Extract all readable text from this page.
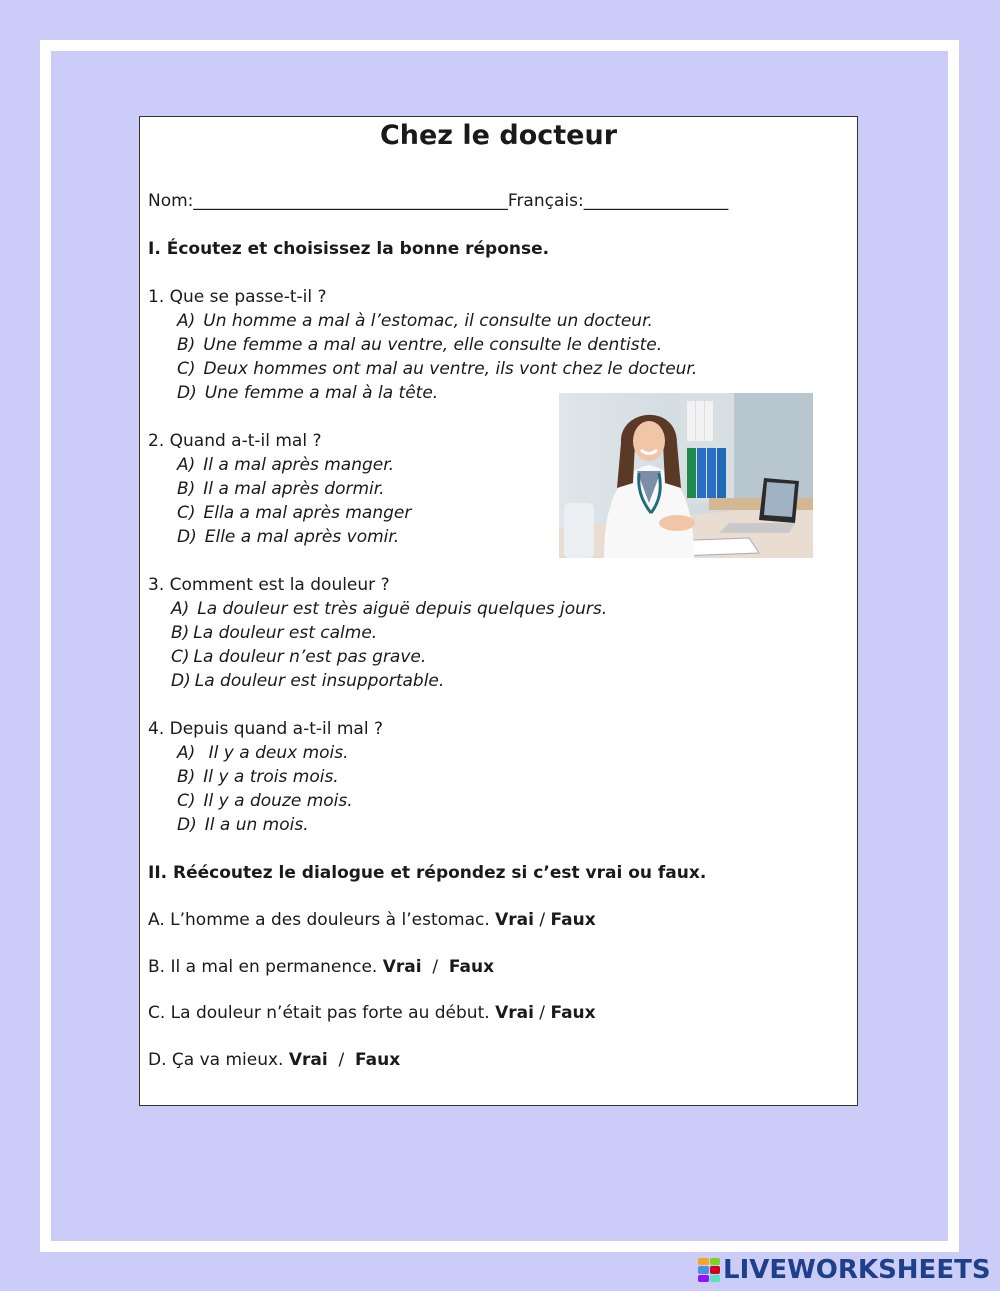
Chez le docteur
Nom:_____________________________________Français:_________________
I. Écoutez et choisissez la bonne réponse.
1. Que se passe-t-il ?
A) Un homme a mal à l’estomac, il consulte un docteur.
B) Une femme a mal au ventre, elle consulte le dentiste.
C) Deux hommes ont mal au ventre, ils vont chez le docteur.
D) Une femme a mal à la tête.
2. Quand a-t-il mal ?
A) Il a mal après manger.
B) Il a mal après dormir.
C) Ella a mal après manger
D) Elle a mal après vomir.
3. Comment est la douleur ?
A) La douleur est très aiguë depuis quelques jours.
B) La douleur est calme.
C) La douleur n’est pas grave.
D) La douleur est insupportable.
4. Depuis quand a-t-il mal ?
A) Il y a deux mois.
B) Il y a trois mois.
C) Il y a douze mois.
D) Il a un mois.
II. Réécoutez le dialogue et répondez si c’est vrai ou faux.
A. L’homme a des douleurs à l’estomac. Vrai / Faux
B. Il a mal en permanence. Vrai  /  Faux
C. La douleur n’était pas forte au début. Vrai / Faux
D. Ça va mieux. Vrai  /  Faux
LIVEWORKSHEETS
